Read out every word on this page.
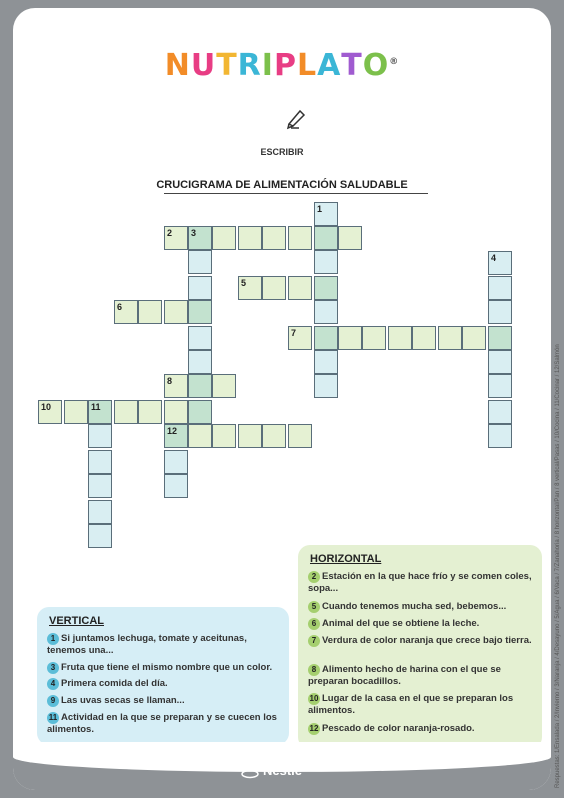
NUTRIPLATO®
ESCRIBIR
CRUCIGRAMA DE ALIMENTACIÓN SALUDABLE
1
2 3
4
5
6
7
8
10	11
12
HORIZONTAL
2 Estación en la que hace frío y se comen coles, sopa...
5 Cuando tenemos mucha sed, bebemos...
6 Animal del que se obtiene la leche.
7 Verdura de color naranja que crece bajo tierra.
8 Alimento hecho de harina con el que se preparan bocadillos.
10 Lugar de la casa en el que se preparan los alimentos.
12 Pescado de color naranja-rosado.
VERTICAL
1 Si juntamos lechuga, tomate y aceitunas, tenemos una...
3 Fruta que tiene el mismo nombre que un color.
4 Primera comida del día.
9 Las uvas secas se llaman...
11 Actividad en la que se preparan y se cuecen los alimentos.	Respuestas: 1/Ensalada / 2/Invierno / 3/Naranja / 4/Desayuno / 5/Agua / 6/Vaca / 7/Zanahoria / 8 horizontal/Pan / 8 vertical/Pasas / 10/Cocina / 11/Cocinar / 12/Salmón
Nestlé
